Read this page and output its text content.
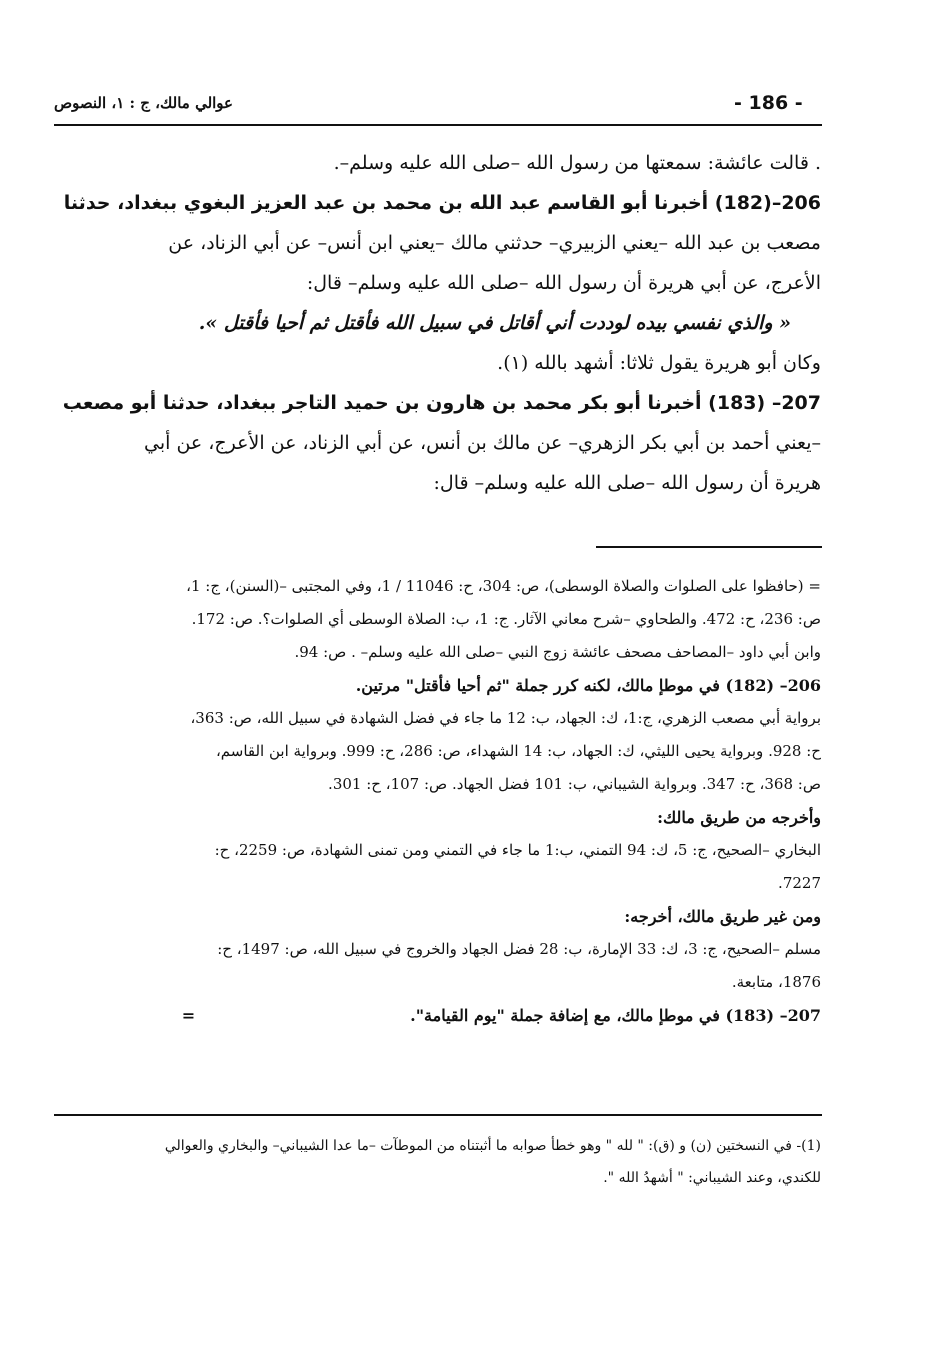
- 186 -
عوالي مالك، ج : ١، النصوص
. قالت عائشة: سمعتها من رسول الله –صلى الله عليه وسلم–.
206–(182) أخبرنا أبو القاسم عبد الله بن محمد بن عبد العزيز البغوي ببغداد، حدثنا
مصعب بن عبد الله –يعني الزبيري– حدثني مالك –يعني ابن أنس– عن أبي الزناد، عن
الأعرج، عن أبي هريرة أن رسول الله –صلى الله عليه وسلم– قال:
« والذي نفسي بيده لوددت أني أقاتل في سبيل الله فأقتل ثم أحيا فأقتل ».
وكان أبو هريرة يقول ثلاثا: أشهد بالله (١).
207– (183) أخبرنا أبو بكر محمد بن هارون بن حميد التاجر ببغداد، حدثنا أبو مصعب
–يعني أحمد بن أبي بكر الزهري– عن مالك بن أنس، عن أبي الزناد، عن الأعرج، عن أبي
هريرة أن رسول الله –صلى الله عليه وسلم– قال:
= (حافظوا على الصلوات والصلاة الوسطى)، ص: 304، ح: 11046 / 1، وفي المجتبى –(السنن)، ج: 1،
ص: 236، ح: 472. والطحاوي –شرح معاني الآثار. ج: 1، ب: الصلاة الوسطى أي الصلوات؟. ص: 172.
وابن أبي داود –المصاحف مصحف عائشة زوج النبي –صلى الله عليه وسلم– . ص: 94.
206– (182) في موطإ مالك، لكنه كرر جملة "ثم أحيا فأقتل" مرتين.
برواية أبي مصعب الزهري، ج:1، ك: الجهاد، ب: 12 ما جاء في فضل الشهادة في سبيل الله، ص: 363،
ح: 928. وبرواية يحيى الليثي، ك: الجهاد، ب: 14 الشهداء، ص: 286، ح: 999. وبرواية ابن القاسم،
ص: 368، ح: 347. وبرواية الشيباني، ب: 101 فضل الجهاد. ص: 107، ح: 301.
وأخرجه من طريق مالك:
البخاري –الصحيح، ج: 5، ك: 94 التمني، ب:1 ما جاء في التمني ومن تمنى الشهادة، ص: 2259، ح:
7227.
ومن غير طريق مالك، أخرجه:
مسلم –الصحيح، ج: 3، ك: 33 الإمارة، ب: 28 فضل الجهاد والخروج في سبيل الله، ص: 1497، ح:
1876، متابعة.
207– (183) في موطإ مالك، مع إضافة جملة "يوم القيامة".=
(1)- في النسختين (ن) و (ق): " لله " وهو خطأ صوابه ما أثبتناه من الموطآت –ما عدا الشيباني– والبخاري والعوالي
للكندي، وعند الشيباني: " أشهدُ الله ".
